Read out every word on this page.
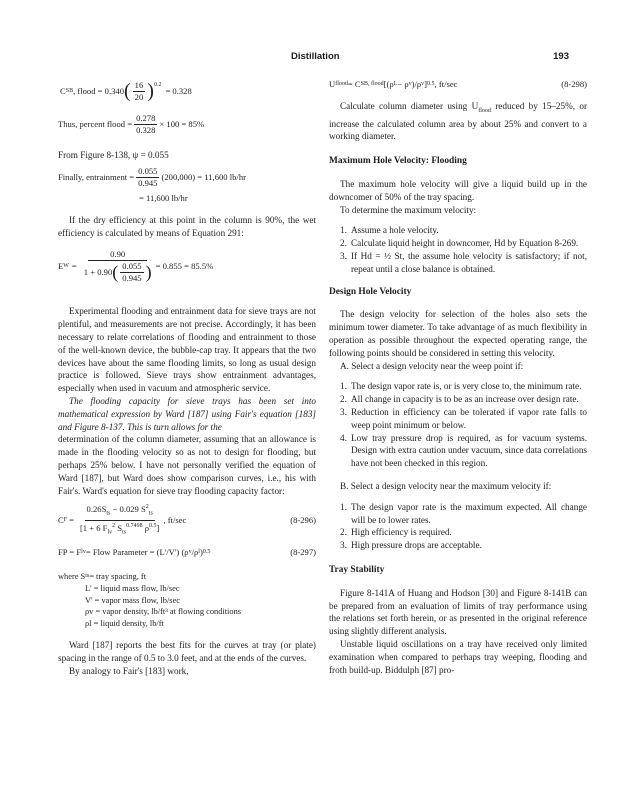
Distillation	193
C SB , flood = 0.340 ( $\frac{16}{20} )^{0.2}$
= 0.328
Thus, percent flood = $\frac{0.278}{0.328} \times 100 = 85\%$

From Figure 8-138, ψ = 0.055

Finally, entrainment = $\frac{0.055}{0.945} (200,000) = 11,600$ lb/hr
= 11,600 lb/hr

If the dry efficiency at this point in the column is 90%, the wet efficiency is calculated by means of Equation 291:

E $W = \frac{0.90}{1 + 0.90 ( \frac{0.055}{0.945} )} = 0.855 = 85.5\%$

Experimental flooding and entrainment data for sieve trays are not plentiful, and measurements are not precise. Accordingly, it has been necessary to relate correlations of flooding and entrainment to those of the well-known device, the bubble-cap tray. It appears that the two devices have about the same flooding limits, so long as usual design practice is followed. Sieve trays show entrainment advantages, especially when used in vacuum and atmospheric service.

The flooding capacity for sieve trays has been set into mathematical expression by Ward [187] using Fair's equation [183] and Figure 8-137. This is turn allows for the

determination of the column diameter, assuming that an allowance is made in the flooding velocity so as not to design for flooding, but perhaps 25% below. I have not personally verified the equation of Ward [187], but Ward does show comparison curves, i.e., his with Fair's. Ward's equation for sieve tray flooding capacity factor:

C $F = \frac{0.26S_{ts} - 0.029 S^2_{ts}}{[1 + 6 F_{lv}^2 S_{ts}^{0.7498} \rho^{0.5}]}$ , ft/sec	(8-296)
FP = F lv = Flow Parameter = (L'/V') (ρ v /ρ l ) 0.5	(8-297)
where S ts = tray spacing, ft
L' = liquid mass flow, lb/sec
V' = vapor mass flow, lb/sec
ρv = vapor density, lb/ft³ at flowing conditions
ρl = liquid density, lb/ft

Ward [187] reports the best fits for the curves at tray (or plate) spacing in the range of 0.5 to 3.0 feet, and at the ends of the curves.

By analogy to Fair's [183] work,

U flood = C SB, flood [(ρ L − ρ v )/ρ v ] 0.5 , ft/sec	(8-298)

Calculate column diameter using $U_{flood}$ reduced by 15–25%, or increase the calculated column area by about 25% and convert to a working diameter.

Maximum Hole Velocity: Flooding

The maximum hole velocity will give a liquid build up in the downcomer of 50% of the tray spacing.

To determine the maximum velocity:

1. Assume a hole velocity.
2. Calculate liquid height in downcomer, Hd by Equation 8-269.
3. If Hd = ½ St, the assume hole velocity is satisfactory; if not, repeat until a close balance is obtained.
Design Hole Velocity

The design velocity for selection of the holes also sets the minimum tower diameter. To take advantage of as much flexibility in operation as possible throughout the expected operating range, the following points should be considered in setting this velocity.

A. Select a design velocity near the weep point if:

1. The design vapor rate is, or is very close to, the minimum rate.
2. All change in capacity is to be as an increase over design rate.
3. Reduction in efficiency can be tolerated if vapor rate falls to weep point minimum or below.
4. Low tray pressure drop is required, as for vacuum systems. Design with extra caution under vacuum, since data correlations have not been checked in this region.

B. Select a design velocity near the maximum velocity if:

1. The design vapor rate is the maximum expected. All change will be to lower rates.
2. High efficiency is required.
3. High pressure drops are acceptable.
Tray Stability

Figure 8-141A of Huang and Hodson [30] and Figure 8-141B can be prepared from an evaluation of limits of tray performance using the relations set forth herein, or as presented in the original reference using slightly different analysis.

Unstable liquid oscillations on a tray have received only limited examination when compared to perhaps tray weeping, flooding and froth build-up. Biddulph [87] pro-
